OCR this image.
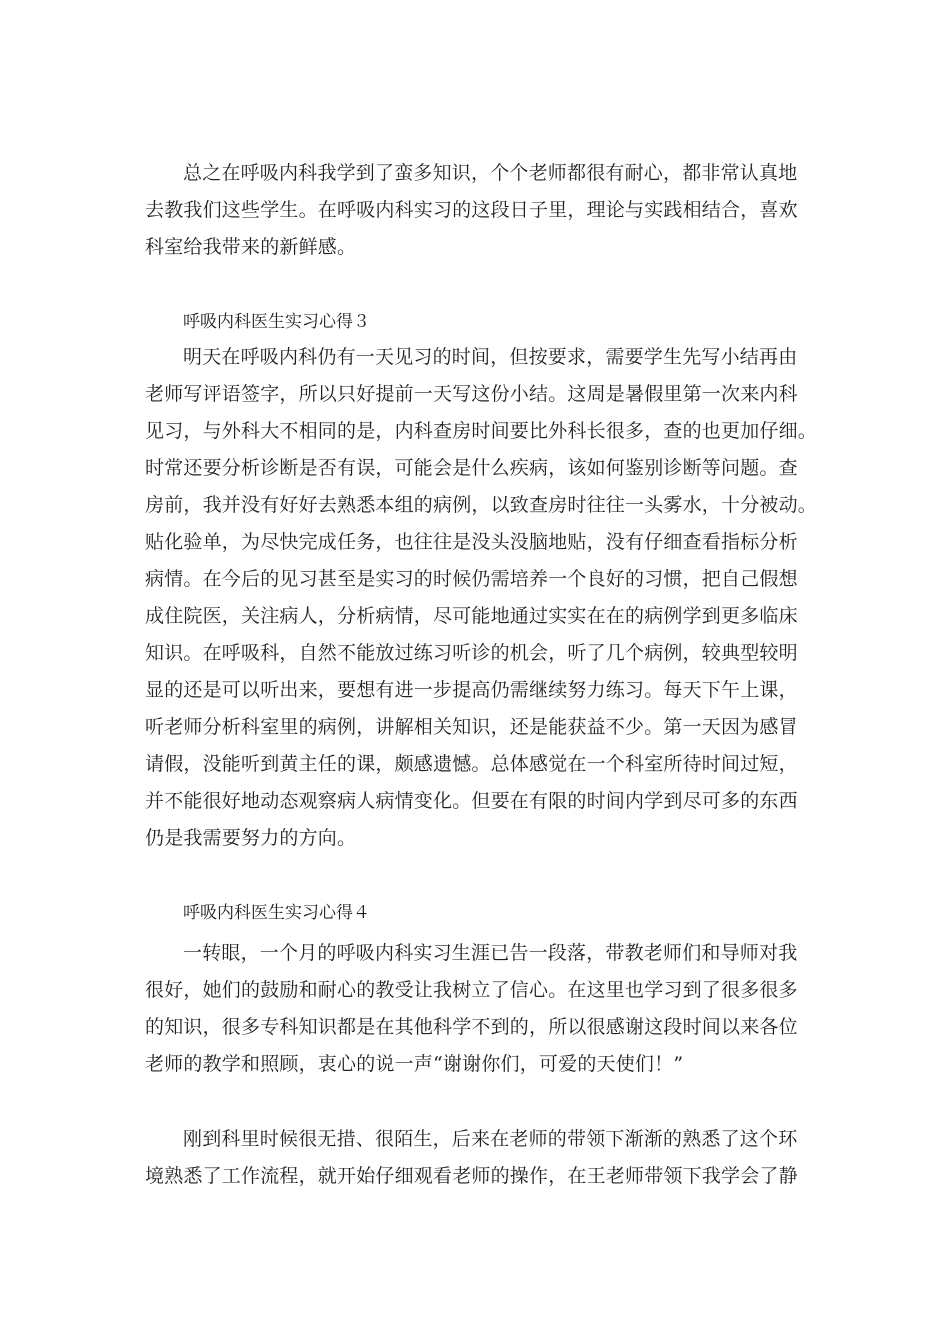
总之在呼吸内科我学到了蛮多知识，个个老师都很有耐心，都非常认真地
去教我们这些学生。在呼吸内科实习的这段日子里，理论与实践相结合，喜欢
科室给我带来的新鲜感。
呼吸内科医生实习心得３
明天在呼吸内科仍有一天见习的时间，但按要求，需要学生先写小结再由
老师写评语签字，所以只好提前一天写这份小结。这周是暑假里第一次来内科
见习，与外科大不相同的是，内科查房时间要比外科长很多，查的也更加仔细。
时常还要分析诊断是否有误，可能会是什么疾病，该如何鉴别诊断等问题。查
房前，我并没有好好去熟悉本组的病例，以致查房时往往一头雾水，十分被动。
贴化验单，为尽快完成任务，也往往是没头没脑地贴，没有仔细查看指标分析
病情。在今后的见习甚至是实习的时候仍需培养一个良好的习惯，把自己假想
成住院医，关注病人，分析病情，尽可能地通过实实在在的病例学到更多临床
知识。在呼吸科，自然不能放过练习听诊的机会，听了几个病例，较典型较明
显的还是可以听出来，要想有进一步提高仍需继续努力练习。每天下午上课，
听老师分析科室里的病例，讲解相关知识，还是能获益不少。第一天因为感冒
请假，没能听到黄主任的课，颇感遗憾。总体感觉在一个科室所待时间过短，
并不能很好地动态观察病人病情变化。但要在有限的时间内学到尽可多的东西
仍是我需要努力的方向。
呼吸内科医生实习心得４
一转眼，一个月的呼吸内科实习生涯已告一段落，带教老师们和导师对我
很好，她们的鼓励和耐心的教受让我树立了信心。在这里也学习到了很多很多
的知识，很多专科知识都是在其他科学不到的，所以很感谢这段时间以来各位
老师的教学和照顾，衷心的说一声“谢谢你们，可爱的天使们！”
刚到科里时候很无措、很陌生，后来在老师的带领下渐渐的熟悉了这个环
境熟悉了工作流程，就开始仔细观看老师的操作，在王老师带领下我学会了静
